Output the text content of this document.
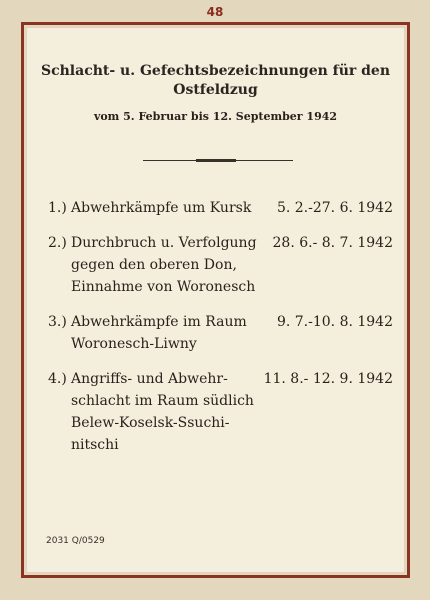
48
Schlacht- u. Gefechtsbezeichnungen für den
Ostfeldzug
vom 5. Februar bis 12. September 1942
1.) Abwehrkämpfe um Kursk	5. 2.-27. 6. 1942
2.) Durchbruch u. Verfolgung
gegen den oberen Don,
Einnahme von Woronesch
28. 6.- 8. 7. 1942
3.) Abwehrkämpfe im Raum
Woronesch-Liwny
9. 7.-10. 8. 1942
4.) Angriffs- und Abwehr-
schlacht im Raum südlich
Belew-Koselsk-Ssuchi-
nitschi
11. 8.- 12. 9. 1942
2031 Q/0529
